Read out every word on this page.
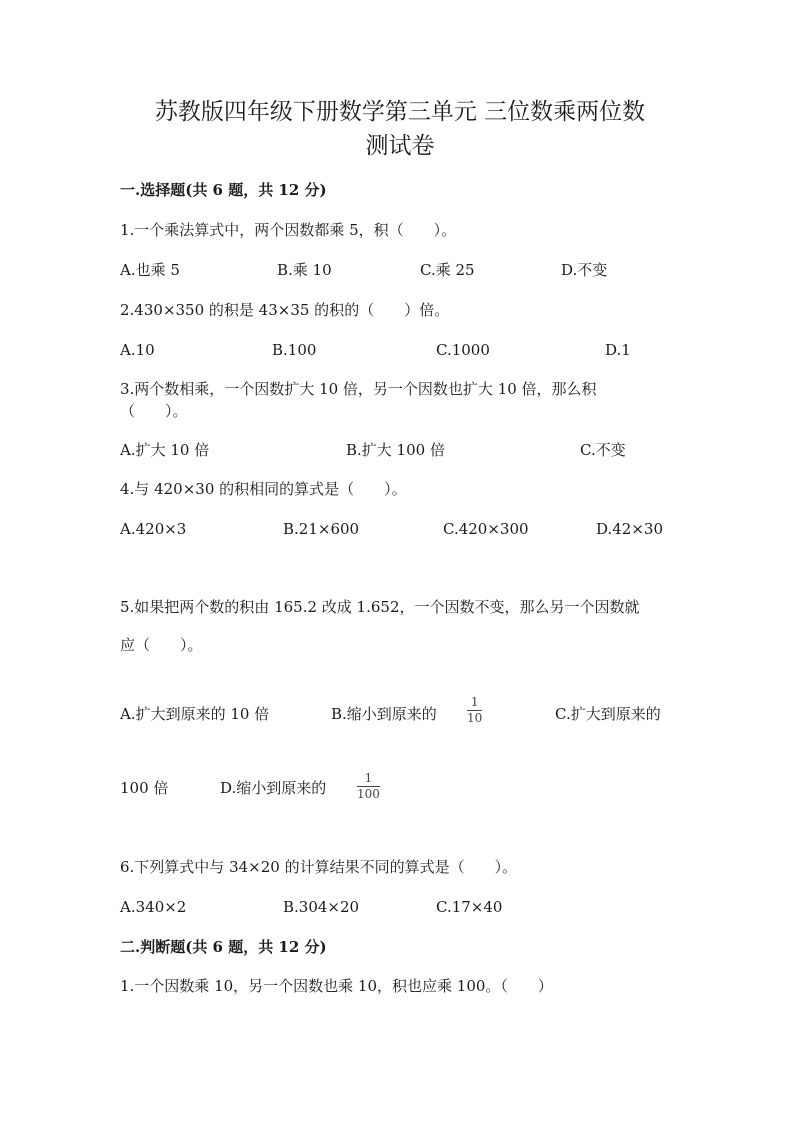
苏教版四年级下册数学第三单元 三位数乘两位数
测试卷
一.选择题(共 6 题，共 12 分)
1.一个乘法算式中，两个因数都乘 5，积（　　）。
A.也乘 5	B.乘 10	C.乘 25	D.不变
2.430×350 的积是 43×35 的积的（　　）倍。
A.10	B.100	C.1000	D.1
3.两个数相乘，一个因数扩大 10 倍，另一个因数也扩大 10 倍，那么积
（　　）。
A.扩大 10 倍	B.扩大 100 倍	C.不变
4.与 420×30 的积相同的算式是（　　）。
A.420×3	B.21×600	C.420×300	D.42×30
5.如果把两个数的积由 165.2 改成 1.652，一个因数不变，那么另一个因数就
应（　　）。
A.扩大到原来的 10 倍	B.缩小到原来的
1
10	C.扩大到原来的
100 倍	D.缩小到原来的
1
100
6.下列算式中与 34×20 的计算结果不同的算式是（　　）。
A.340×2	B.304×20	C.17×40
二.判断题(共 6 题，共 12 分)
1.一个因数乘 10，另一个因数也乘 10，积也应乘 100。（　　）
